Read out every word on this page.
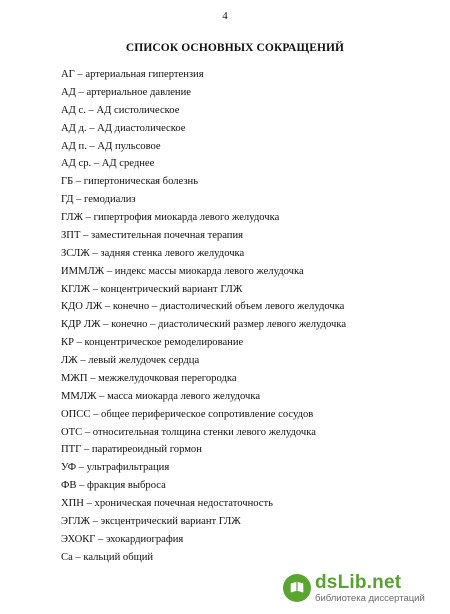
4
СПИСОК ОСНОВНЫХ СОКРАЩЕНИЙ
АГ – артериальная гипертензия
АД – артериальное давление
АД с. – АД систолическое
АД д. – АД диастолическое
АД п. – АД пульсовое
АД ср. – АД среднее
ГБ – гипертоническая болезнь
ГД – гемодиализ
ГЛЖ – гипертрофия миокарда левого желудочка
ЗПТ – заместительная почечная терапия
ЗСЛЖ – задняя стенка левого желудочка
ИММЛЖ – индекс массы миокарда левого желудочка
КГЛЖ – концентрический вариант ГЛЖ
КДО ЛЖ – конечно – диастолический объем левого желудочка
КДР ЛЖ – конечно – диастолический размер левого желудочка
КР – концентрическое ремоделирование
ЛЖ – левый желудочек сердца
МЖП – межжелудочковая перегородка
ММЛЖ – масса миокарда левого желудочка
ОПСС – общее периферическое сопротивление сосудов
ОТС – относительная толщина стенки левого желудочка
ПТГ – паратиреоидный гормон
УФ – ультрафильтрация
ФВ – фракция выброса
ХПН – хроническая почечная недостаточность
ЭГЛЖ – эксцентрический вариант ГЛЖ
ЭХОКГ – эхокардиография
Са – кальций общий
dsLib.net
библиотека диссертаций
